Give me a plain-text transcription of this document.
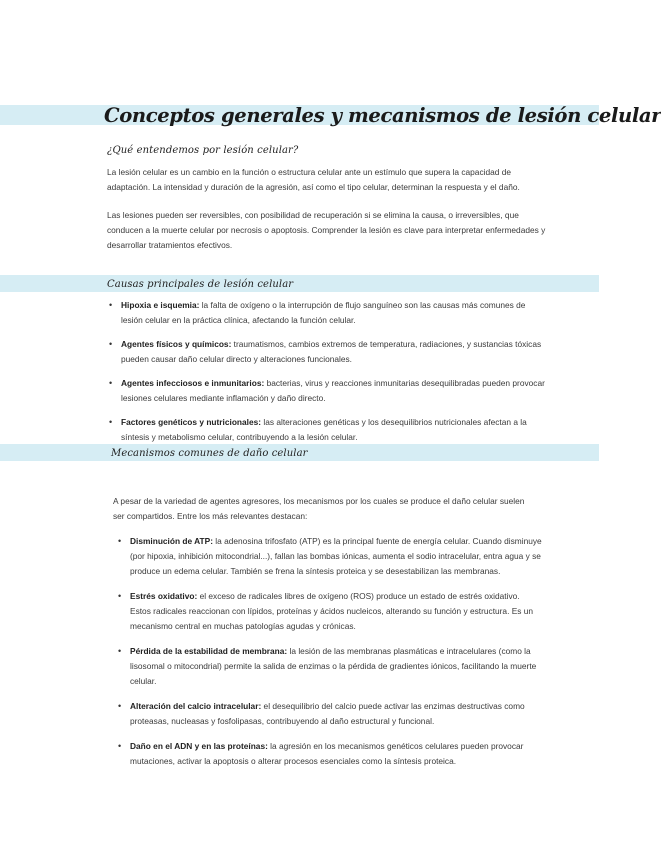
Conceptos generales y mecanismos de lesión celular
¿Qué entendemos por lesión celular?

La lesión celular es un cambio en la función o estructura celular ante un estímulo que supera la capacidad de adaptación. La intensidad y duración de la agresión, así como el tipo celular, determinan la respuesta y el daño.

Las lesiones pueden ser reversibles, con posibilidad de recuperación si se elimina la causa, o irreversibles, que conducen a la muerte celular por necrosis o apoptosis. Comprender la lesión es clave para interpretar enfermedades y desarrollar tratamientos efectivos.

Causas principales de lesión celular
• Hipoxia e isquemia: la falta de oxígeno o la interrupción de flujo sanguíneo son las causas más comunes de lesión celular en la práctica clínica, afectando la función celular.
• Agentes físicos y químicos: traumatismos, cambios extremos de temperatura, radiaciones, y sustancias tóxicas pueden causar daño celular directo y alteraciones funcionales.
• Agentes infecciosos e inmunitarios: bacterias, virus y reacciones inmunitarias desequilibradas pueden provocar lesiones celulares mediante inflamación y daño directo.
• Factores genéticos y nutricionales: las alteraciones genéticas y los desequilibrios nutricionales afectan a la síntesis y metabolismo celular, contribuyendo a la lesión celular.
Mecanismos comunes de daño celular

A pesar de la variedad de agentes agresores, los mecanismos por los cuales se produce el daño celular suelen ser compartidos. Entre los más relevantes destacan:

• Disminución de ATP: la adenosina trifosfato (ATP) es la principal fuente de energía celular. Cuando disminuye (por hipoxia, inhibición mitocondrial...), fallan las bombas iónicas, aumenta el sodio intracelular, entra agua y se produce un edema celular. También se frena la síntesis proteica y se desestabilizan las membranas.
• Estrés oxidativo: el exceso de radicales libres de oxígeno (ROS) produce un estado de estrés oxidativo. Estos radicales reaccionan con lípidos, proteínas y ácidos nucleicos, alterando su función y estructura. Es un mecanismo central en muchas patologías agudas y crónicas.
• Pérdida de la estabilidad de membrana: la lesión de las membranas plasmáticas e intracelulares (como la lisosomal o mitocondrial) permite la salida de enzimas o la pérdida de gradientes iónicos, facilitando la muerte celular.
• Alteración del calcio intracelular: el desequilibrio del calcio puede activar las enzimas destructivas como proteasas, nucleasas y fosfolipasas, contribuyendo al daño estructural y funcional.
• Daño en el ADN y en las proteínas: la agresión en los mecanismos genéticos celulares pueden provocar mutaciones, activar la apoptosis o alterar procesos esenciales como la síntesis proteica.
